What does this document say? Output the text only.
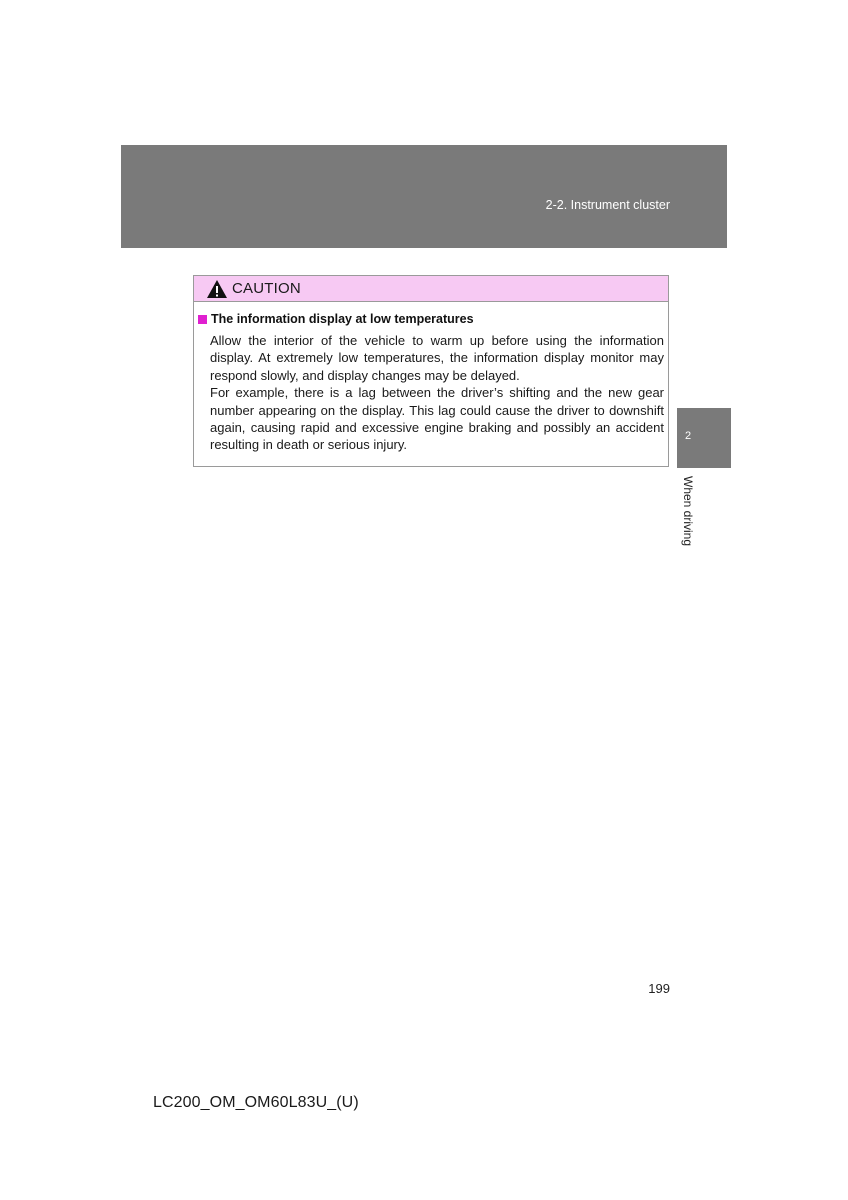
2-2. Instrument cluster
2
When driving
CAUTION
The information display at low temperatures

Allow the interior of the vehicle to warm up before using the information display. At extremely low temperatures, the information display monitor may respond slowly, and display changes may be delayed.

For example, there is a lag between the driver’s shifting and the new gear number appearing on the display. This lag could cause the driver to downshift again, causing rapid and excessive engine braking and possibly an accident resulting in death or serious injury.

199
LC200_OM_OM60L83U_(U)
